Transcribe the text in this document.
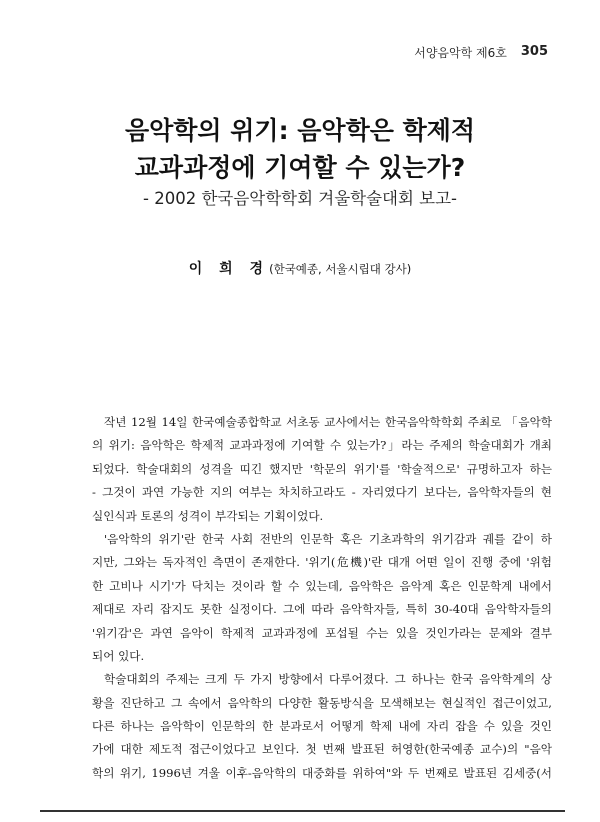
서양음악학 제6호 305
음악학의 위기: 음악학은 학제적
교과과정에 기여할 수 있는가?
- 2002 한국음악학학회 겨울학술대회 보고-
이 희 경(한국예종, 서울시립대 강사)
작년 12월 14일 한국예술종합학교 서초동 교사에서는 한국음악학학회 주최로 「음악학
의 위기: 음악학은 학제적 교과과정에 기여할 수 있는가?」라는 주제의 학술대회가 개최
되었다. 학술대회의 성격을 띠긴 했지만 '학문의 위기'를 '학술적으로' 규명하고자 하는
- 그것이 과연 가능한 지의 여부는 차치하고라도 - 자리였다기 보다는, 음악학자들의 현
실인식과 토론의 성격이 부각되는 기획이었다.
'음악학의 위기'란 한국 사회 전반의 인문학 혹은 기초과학의 위기감과 궤를 같이 하
지만, 그와는 독자적인 측면이 존재한다. '위기(危機)'란 대개 어떤 일이 진행 중에 '위험
한 고비나 시기'가 닥치는 것이라 할 수 있는데, 음악학은 음악계 혹은 인문학계 내에서
제대로 자리 잡지도 못한 실정이다. 그에 따라 음악학자들, 특히 30-40대 음악학자들의
'위기감'은 과연 음악이 학제적 교과과정에 포섭될 수는 있을 것인가라는 문제와 결부
되어 있다.
학술대회의 주제는 크게 두 가지 방향에서 다루어졌다. 그 하나는 한국 음악학계의 상
황을 진단하고 그 속에서 음악학의 다양한 활동방식을 모색해보는 현실적인 접근이었고,
다른 하나는 음악학이 인문학의 한 분과로서 어떻게 학제 내에 자리 잡을 수 있을 것인
가에 대한 제도적 접근이었다고 보인다. 첫 번째 발표된 허영한(한국예종 교수)의 "음악
학의 위기, 1996년 겨울 이후-음악학의 대중화를 위하여"와 두 번째로 발표된 김세중(서
